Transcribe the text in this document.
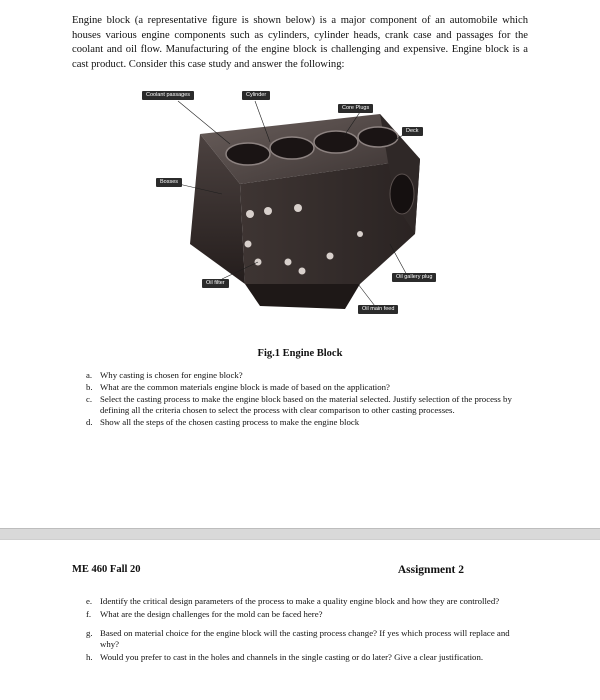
Engine block (a representative figure is shown below) is a major component of an automobile which houses various engine components such as cylinders, cylinder heads, crank case and passages for the coolant and oil flow. Manufacturing of the engine block is challenging and expensive. Engine block is a cast product. Consider this case study and answer the following:
Coolant passages	Cylinder
Core Plugs
Deck
Bosses
Oil filter
Oil gallery plug
Oil main feed
Fig.1 Engine Block
a. Why casting is chosen for engine block?
b. What are the common materials engine block is made of based on the application?
c. Select the casting process to make the engine block based on the material selected. Justify selection of the process by defining all the criteria chosen to select the process with clear comparison to other casting processes.
d. Show all the steps of the chosen casting process to make the engine block
ME 460 Fall 20	Assignment 2
e. Identify the critical design parameters of the process to make a quality engine block and how they are controlled?
f.	What are the design challenges for the mold can be faced here?
g. Based on material choice for the engine block will the casting process change? If yes which process will replace and why?
h. Would you prefer to cast in the holes and channels in the single casting or do later? Give a clear justification.
